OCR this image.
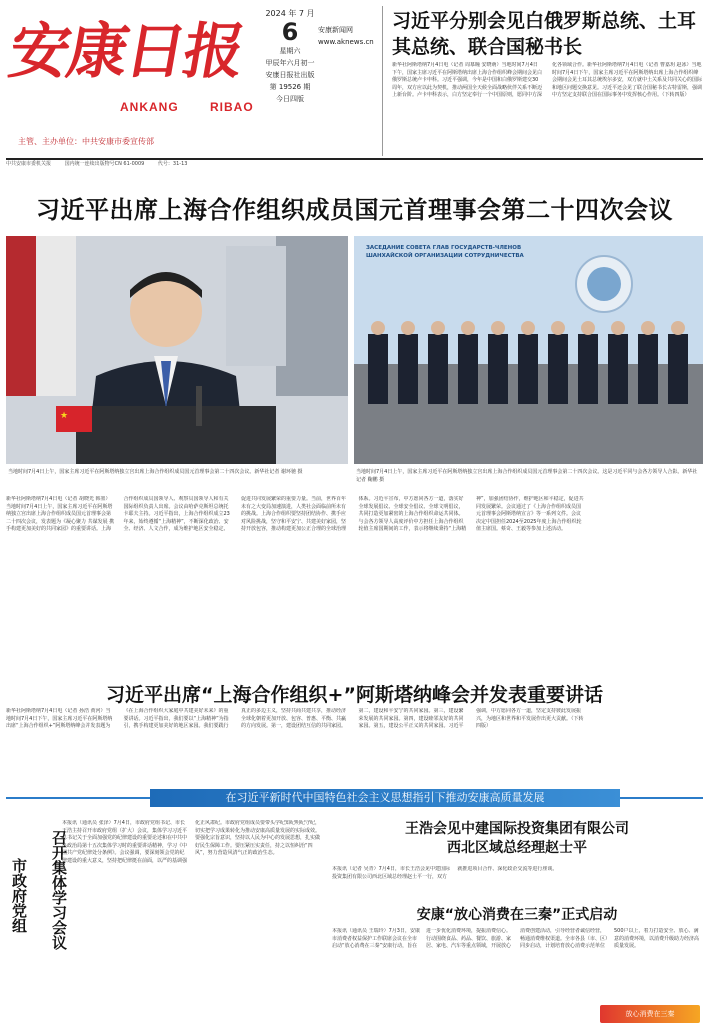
安康日报
ANKANG	RIBAO
主管、主办单位：中共安康市委宣传部
2024 年 7 月
6
星期六
甲辰年六月初一
安康日报社出版
第 19526 期
今日四版
安康新闻网
www.aknews.cn
习近平分别会见白俄罗斯总统、土耳其总统、联合国秘书长
新华社阿斯塔纳7月4日电（记者 周慕瞳 安晓萌）当地时间7月4日下午，国家主席习近平在阿斯塔纳出席上海合作组织峰会期间会见白俄罗斯总统卢卡申科。习近平强调，今年是中国和白俄罗斯建交30周年，双方应以此为契机，推动两国全天候全面战略伙伴关系不断迈上新台阶。卢卡申科表示，白方坚定奉行一个中国原则，愿同中方深化各领域合作。新华社阿斯塔纳7月4日电（记者 曹嘉玥 赵冰）当地时间7月4日下午，国家主席习近平在阿斯塔纳出席上海合作组织峰会期间会见土耳其总统埃尔多安，双方就中土关系及共同关心的国际和地区问题交换意见。习近平还会见了联合国秘书长古特雷斯，强调中方坚定支持联合国在国际事务中发挥核心作用。（下转四版）
中共安康市委机关报	国内统一连续出版物号CN 61-0009	代号：31-13
习近平出席上海合作组织成员国元首理事会第二十四次会议
★
ЗАСЕДАНИЕ СОВЕТА ГЛАВ ГОСУДАРСТВ-ЧЛЕНОВ ШАНХАЙСКОЙ ОРГАНИЗАЦИИ СОТРУДНИЧЕСТВА
当地时间7月4日上午，国家主席习近平在阿斯塔纳独立宫出席上海合作组织成员国元首理事会第二十四次会议。新华社记者 谢环驰 摄	当地时间7月4日上午，国家主席习近平在阿斯塔纳独立宫出席上海合作组织成员国元首理事会第二十四次会议。这是习近平同与会各方领导人合影。新华社记者 鞠鹏 摄
新华社阿斯塔纳7月4日电（记者 胡晓光 韩墨）当地时间7月4日上午，国家主席习近平在阿斯塔纳独立宫出席上海合作组织成员国元首理事会第二十四次会议，发表题为《凝心聚力 共谋发展 携手构建更加美好的共同家园》的重要讲话。上海合作组织成员国领导人、观察员国领导人和有关国际组织负责人出席。会议由哈萨克斯坦总统托卡耶夫主持。习近平指出，上海合作组织成立23年来，始终遵循“上海精神”，不断深化政治、安全、经济、人文合作，成为维护地区安全稳定、促进共同发展繁荣的重要力量。当前，世界百年未有之大变局加速演进，人类社会面临前所未有的挑战。上海合作组织要坚持团结协作、携手应对风险挑战，坚守和平安宁、共建美好家园，坚持开放包容，推动构建更加公正合理的全球治理体系。习近平宣布，中方愿同各方一道，落实好全球发展倡议、全球安全倡议、全球文明倡议，共同打造更加紧密的上海合作组织命运共同体。与会各方领导人高度评价中方担任上海合作组织轮值主席国期间的工作，表示将继续秉持“上海精神”，加强团结协作，维护地区和平稳定，促进共同发展繁荣。会议通过了《上海合作组织成员国元首理事会阿斯塔纳宣言》等一系列文件。会议决定中国担任2024至2025年度上海合作组织轮值主席国。蔡奇、王毅等参加上述活动。
习近平出席“上海合作组织+”阿斯塔纳峰会并发表重要讲话
新华社阿斯塔纳7月4日电（记者 孙浩 黄河）当地时间7月4日下午，国家主席习近平在阿斯塔纳出席“上海合作组织+”阿斯塔纳峰会并发表题为《在上海合作组织大家庭中共建美好未来》的重要讲话。习近平指出，我们要以“上海精神”为指引，携手构建更加美好的地区家园。我们要践行真正的多边主义，坚持共商共建共享，推动经济全球化朝着更加开放、包容、普惠、平衡、共赢的方向发展。第一，建设团结互信的共同家园。第二，建设和平安宁的共同家园。第三，建设繁荣发展的共同家园。第四，建设睦邻友好的共同家园。第五，建设公平正义的共同家园。习近平强调，中方愿同各方一道，坚定支持彼此发展振兴，为地区和世界和平发展作出更大贡献。（下转四版）
在习近平新时代中国特色社会主义思想指引下推动安康高质量发展
召开集体学习会议
市政府党组
本报讯（通讯员 张泽）7月4日，市政府党组书记、市长王浩主持召开市政府党组（扩大）会议，集体学习习近平总书记关于全面加强党的纪律建设的重要论述和在中共中央政治局第十五次集体学习时的重要讲话精神，学习《中国共产党纪律处分条例》。会议强调，要深刻领会党的纪律建设的重大意义，坚持把纪律挺在前面，以严的基调强化正风肃纪。市政府党组成员要带头学纪知纪明纪守纪，切实把学习成果转化为推动安康高质量发展的实际成效。要强化宗旨意识，坚持以人民为中心的发展思想，扎实做好民生保障工作。要压紧压实责任，持之以恒纠治“四风”，努力营造风清气正的政治生态。
王浩会见中建国际投资集团有限公司
西北区域总经理赵士平
本报讯（记者 吴青）7月4日，市长王浩会见中建国际投资集团有限公司西北区域总经理赵士平一行，双方就推进项目合作、深化政企交流等进行座谈。
安康“放心消费在三秦”正式启动
本报讯（通讯员 王瑞玲）7月3日，安康市消费者权益保护工作联席会议在全市启动“放心消费在三秦”安康行动，旨在进一步优化消费环境，提振消费信心。行动围绕食品、药品、餐饮、旅游、家居、家电、汽车等重点领域，开展放心消费创建活动，引导经营者诚信经营，畅通消费维权渠道。全市各县（市、区）同步启动，计划培育放心消费示范单位500户以上，着力打造安全、放心、满意的消费环境，以消费升级助力经济高质量发展。
放心消费在三秦
